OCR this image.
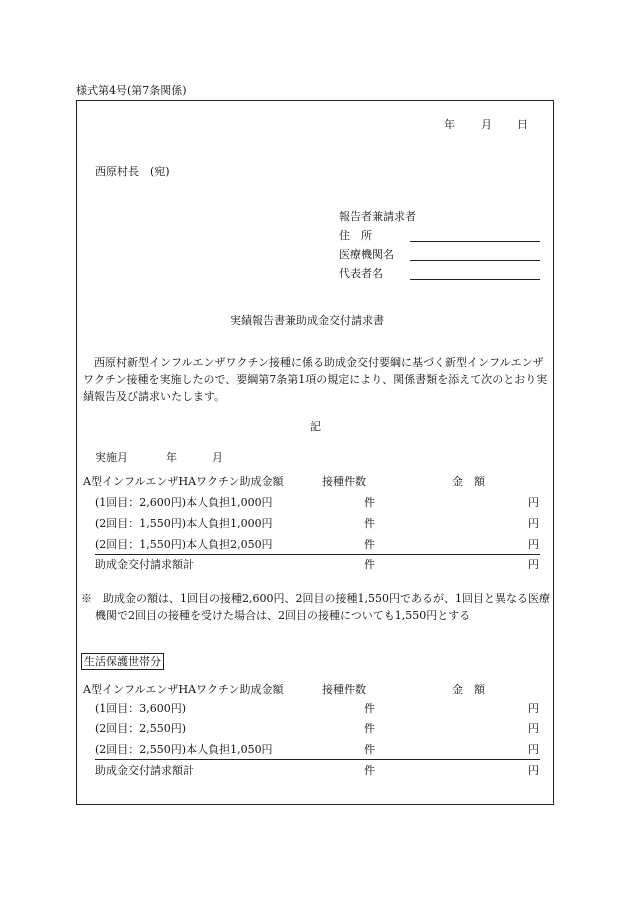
様式第4号(第7条関係)
年 月 日
西原村長　(宛)
報告者兼請求者
住　所
医療機関名
代表者名
実績報告書兼助成金交付請求書
西原村新型インフルエンザワクチン接種に係る助成金交付要綱に基づく新型インフルエンザワクチン接種を実施したので、要綱第7条第1項の規定により、関係書類を添えて次のとおり実績報告及び請求いたします。
記
実施月	年	月
A型インフルエンザHAワクチン助成金額	接種件数	金　額
(1回目：2,600円)本人負担1,000円	件	円
(2回目：1,550円)本人負担1,000円	件	円
(2回目：1,550円)本人負担2,050円	件	円
助成金交付請求額計	件	円
※　助成金の額は、1回目の接種2,600円、2回目の接種1,550円であるが、1回目と異なる医療機関で2回目の接種を受けた場合は、2回目の接種についても1,550円とする
生活保護世帯分
A型インフルエンザHAワクチン助成金額	接種件数	金　額
(1回目：3,600円)	件	円
(2回目：2,550円)	件	円
(2回目：2,550円)本人負担1,050円	件	円
助成金交付請求額計	件	円
